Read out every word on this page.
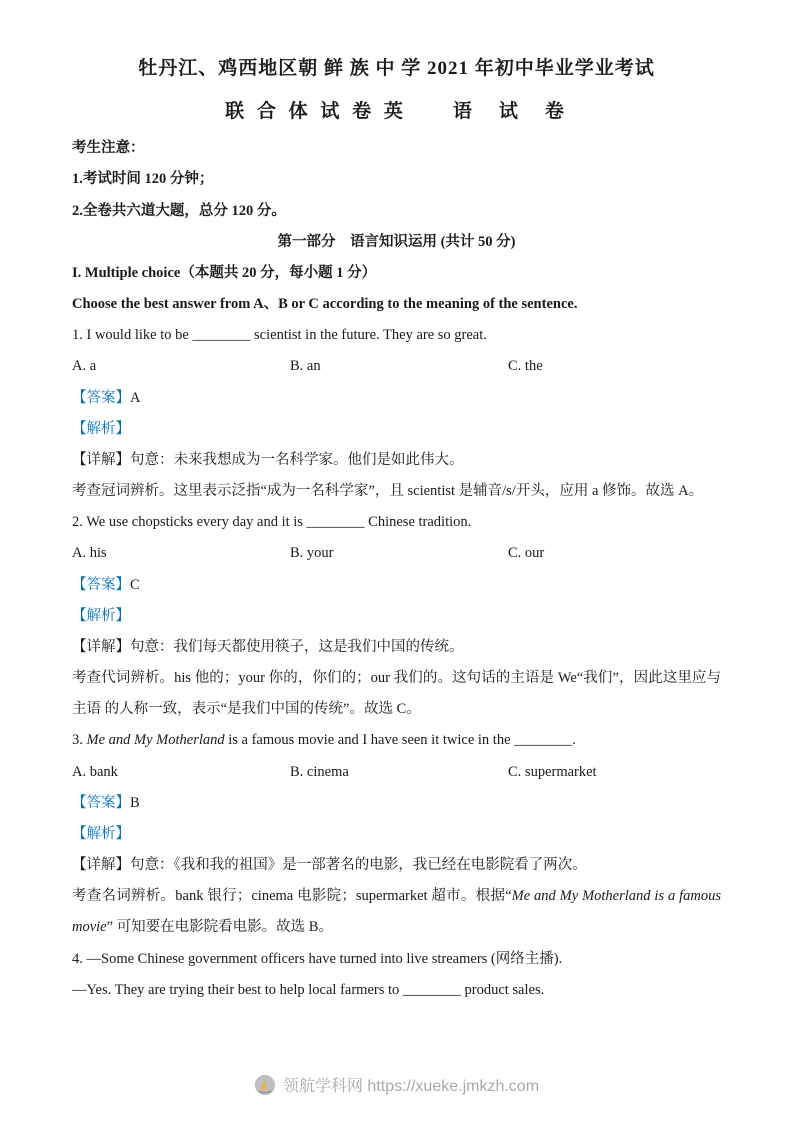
牡丹江、鸡西地区朝 鲜 族 中 学 2021 年初中毕业学业考试
联 合 体 试 卷 英　　语　试　卷

考生注意：

1.考试时间 120 分钟；

2.全卷共六道大题，总分 120 分。

第一部分　语言知识运用 (共计 50 分)

I. Multiple choice（本题共 20 分，每小题 1 分）

Choose the best answer from A、B or C according to the meaning of the sentence.

1. I would like to be ________ scientist in the future. They are so great.

A. a	B. an	C. the

【答案】A

【解析】

【详解】句意：未来我想成为一名科学家。他们是如此伟大。

考查冠词辨析。这里表示泛指“成为一名科学家”，且 scientist 是辅音/s/开头，应用 a 修饰。故选 A。

2. We use chopsticks every day and it is ________ Chinese tradition.

A. his	B. your	C. our

【答案】C

【解析】

【详解】句意：我们每天都使用筷子，这是我们中国的传统。

考查代词辨析。his 他的；your 你的，你们的；our 我们的。这句话的主语是 We“我们”，因此这里应与主语 的人称一致，表示“是我们中国的传统”。故选 C。

3. Me and My Motherland is a famous movie and I have seen it twice in the ________.

A. bank	B. cinema	C. supermarket

【答案】B

【解析】

【详解】句意：《我和我的祖国》是一部著名的电影，我已经在电影院看了两次。

考查名词辨析。bank 银行；cinema 电影院；supermarket 超市。根据“Me and My Motherland is a famous movie” 可知要在电影院看电影。故选 B。

4. —Some Chinese government officers have turned into live streamers (网络主播).

—Yes. They are trying their best to help local farmers to ________ product sales.

领航学科网 https://xueke.jmkzh.com
